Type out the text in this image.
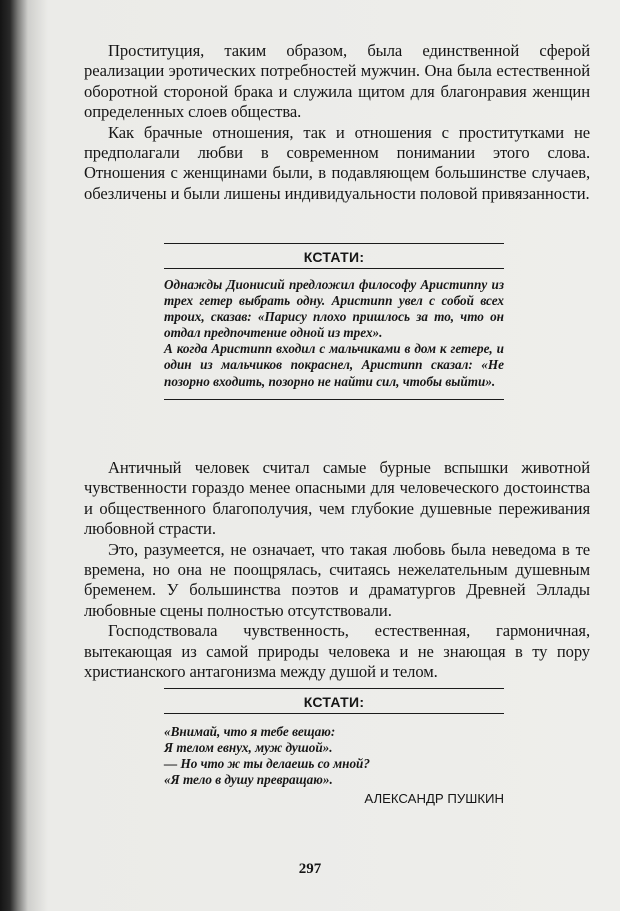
Проституция, таким образом, была единственной сферой реализации эротических потребностей мужчин. Она была естественной оборотной стороной брака и служила щитом для благонравия женщин определенных слоев общества.

Как брачные отношения, так и отношения с проститутками не предполагали любви в современном понимании этого слова. Отношения с женщинами были, в подавляющем большинстве случаев, обезличены и были лишены индивидуальности половой привязанности.

КСТАТИ:

Однажды Дионисий предложил философу Аристиппу из трех гетер выбрать одну. Аристипп увел с собой всех троих, сказав: «Парису плохо пришлось за то, что он отдал предпочтение одной из трех».

А когда Аристипп входил с мальчиками в дом к гетере, и один из мальчиков покраснел, Аристипп сказал: «Не позорно входить, позорно не найти сил, чтобы выйти».

Античный человек считал самые бурные вспышки животной чувственности гораздо менее опасными для человеческого достоинства и общественного благополучия, чем глубокие душевные переживания любовной страсти.

Это, разумеется, не означает, что такая любовь была неведома в те времена, но она не поощрялась, считаясь нежелательным душевным бременем. У большинства поэтов и драматургов Древней Эллады любовные сцены полностью отсутствовали.

Господствовала чувственность, естественная, гармоничная, вытекающая из самой природы человека и не знающая в ту пору христианского антагонизма между душой и телом.

КСТАТИ:

«Внимай, что я тебе вещаю:

Я телом евнух, муж душой».

— Но что ж ты делаешь со мной?

«Я тело в душу превращаю».

АЛЕКСАНДР ПУШКИН
297
